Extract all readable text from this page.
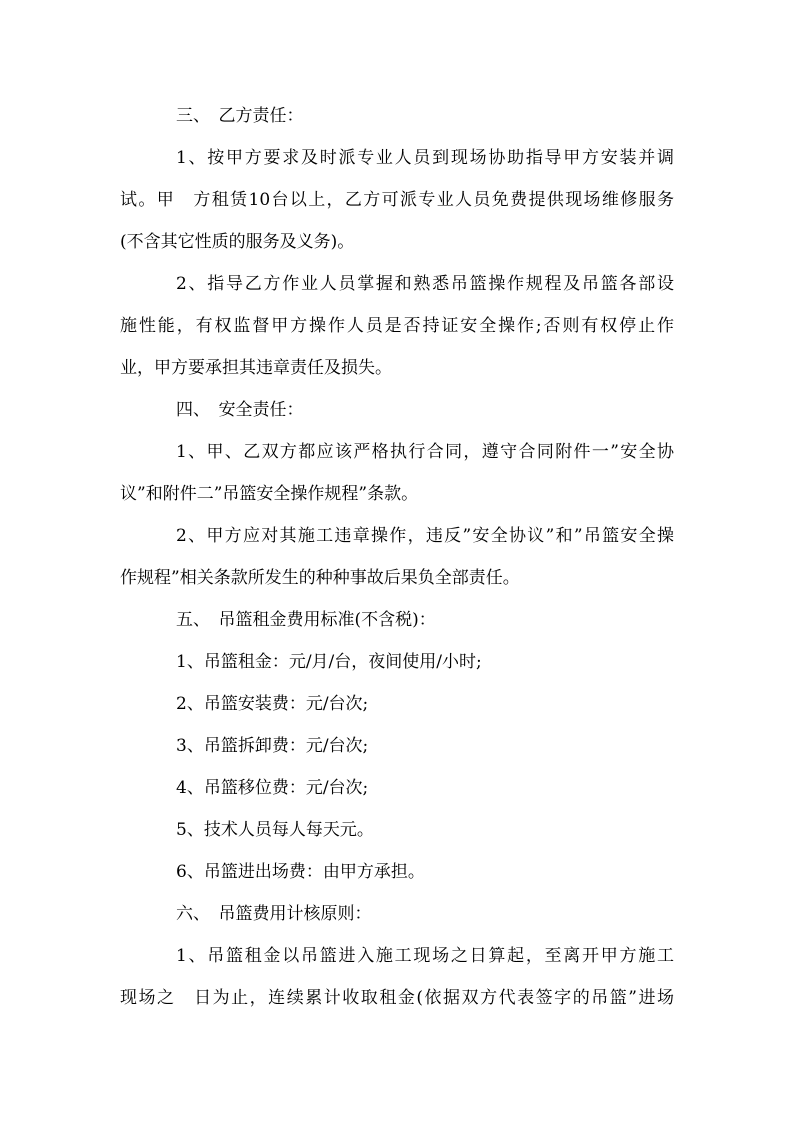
三、　乙方责任：
1、按甲方要求及时派专业人员到现场协助指导甲方安装并调
试。甲　方租赁10台以上，乙方可派专业人员免费提供现场维修服务
(不含其它性质的服务及义务)。
2、指导乙方作业人员掌握和熟悉吊篮操作规程及吊篮各部设
施性能，有权监督甲方操作人员是否持证安全操作;否则有权停止作
业，甲方要承担其违章责任及损失。
四、　安全责任：
1、甲、乙双方都应该严格执行合同，遵守合同附件一”安全协
议”和附件二”吊篮安全操作规程”条款。
2、甲方应对其施工违章操作，违反”安全协议”和”吊篮安全操
作规程”相关条款所发生的种种事故后果负全部责任。
五、　吊篮租金费用标准(不含税)：
1、吊篮租金：元/月/台，夜间使用/小时;
2、吊篮安装费：元/台次;
3、吊篮拆卸费：元/台次;
4、吊篮移位费：元/台次;
5、技术人员每人每天元。
6、吊篮进出场费：由甲方承担。
六、　吊篮费用计核原则：
1、吊篮租金以吊篮进入施工现场之日算起，至离开甲方施工
现场之　日为止，连续累计收取租金(依据双方代表签字的吊篮”进场
